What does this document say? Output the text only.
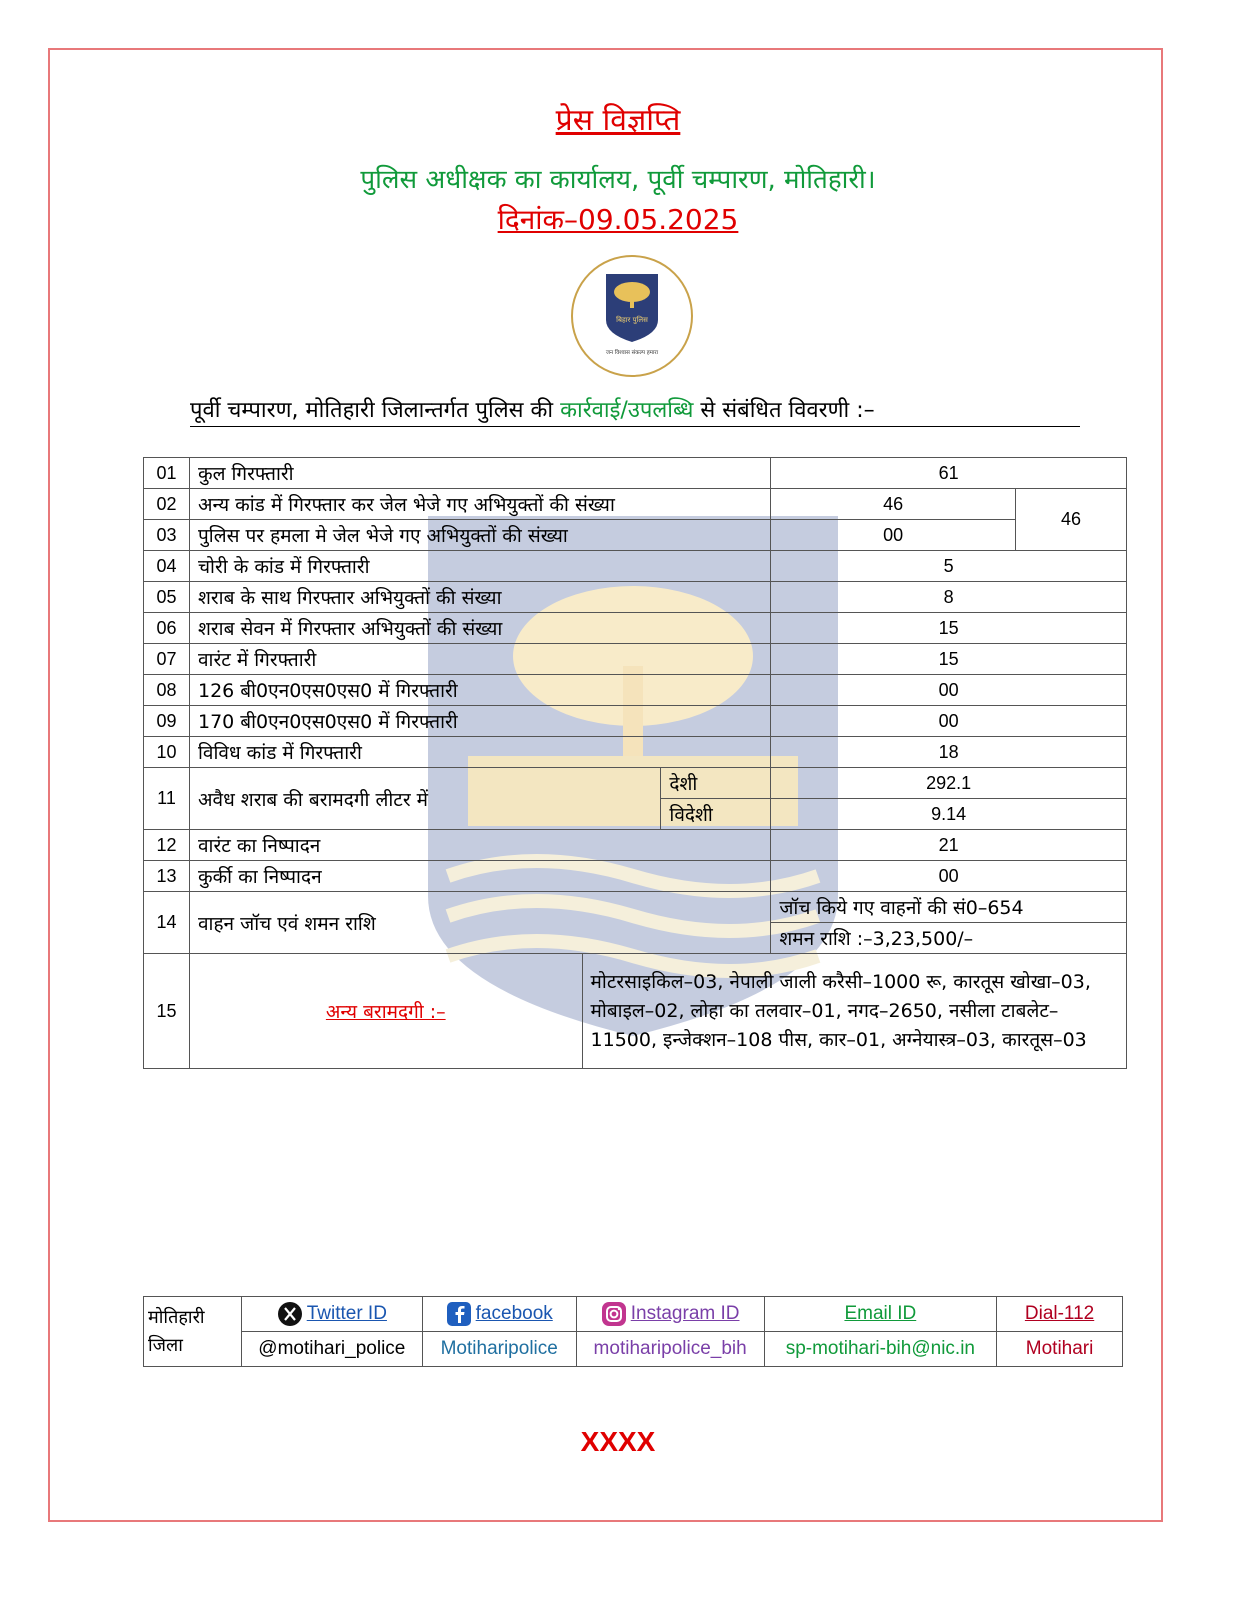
प्रेस विज्ञप्ति
पुलिस अधीक्षक का कार्यालय, पूर्वी चम्पारण, मोतिहारी।
दिनांक–09.05.2025
बिहार पुलिस
जन विश्वास संकल्प हमारा
पूर्वी चम्पारण, मोतिहारी जिलान्तर्गत पुलिस की कार्रवाई/उपलब्धि से संबंधित विवरणी :–
01	कुल गिरफ्तारी			61	
02	अन्य कांड में गिरफ्तार कर जेल भेजे गए अभियुक्तों की संख्या			46	46
03	पुलिस पर हमला मे जेल भेजे गए अभियुक्तों की संख्या			00	
04	चोरी के कांड में गिरफ्तारी			5	
05	शराब के साथ गिरफ्तार अभियुक्तों की संख्या			8	
06	शराब सेवन में गिरफ्तार अभियुक्तों की संख्या			15	
07	वारंट में गिरफ्तारी			15	
08	126 बी0एन0एस0एस0 में गिरफ्तारी			00	
09	170 बी0एन0एस0एस0 में गिरफ्तारी			00	
10	विविध कांड में गिरफ्तारी			18	
11	अवैध शराब की बरामदगी लीटर में		देशी	292.1	
			विदेशी	9.14	
12	वारंट का निष्पादन			21	
13	कुर्की का निष्पादन			00	
14	वाहन जॉच एवं शमन राशि			जॉच किये गए वाहनों की सं0–654	
				शमन राशि :–3,23,500/–	
15	अन्य बरामदगी :–	मोटरसाइकिल–03, नेपाली जाली करैसी–1000 रू, कारतूस खोखा–03, मोबाइल–02, लोहा का तलवार–01, नगद–2650, नसीला टाबलेट–11500, इन्जेक्शन–108 पीस, कार–01, अग्नेयास्त्र–03, कारतूस–03			
मोतिहारी जिला	Twitter ID	facebook	Instagram ID	Email ID	Dial-112
	@motihari_police	Motiharipolice	motiharipolice_bih	sp-motihari-bih@nic.in	Motihari
XXXX
